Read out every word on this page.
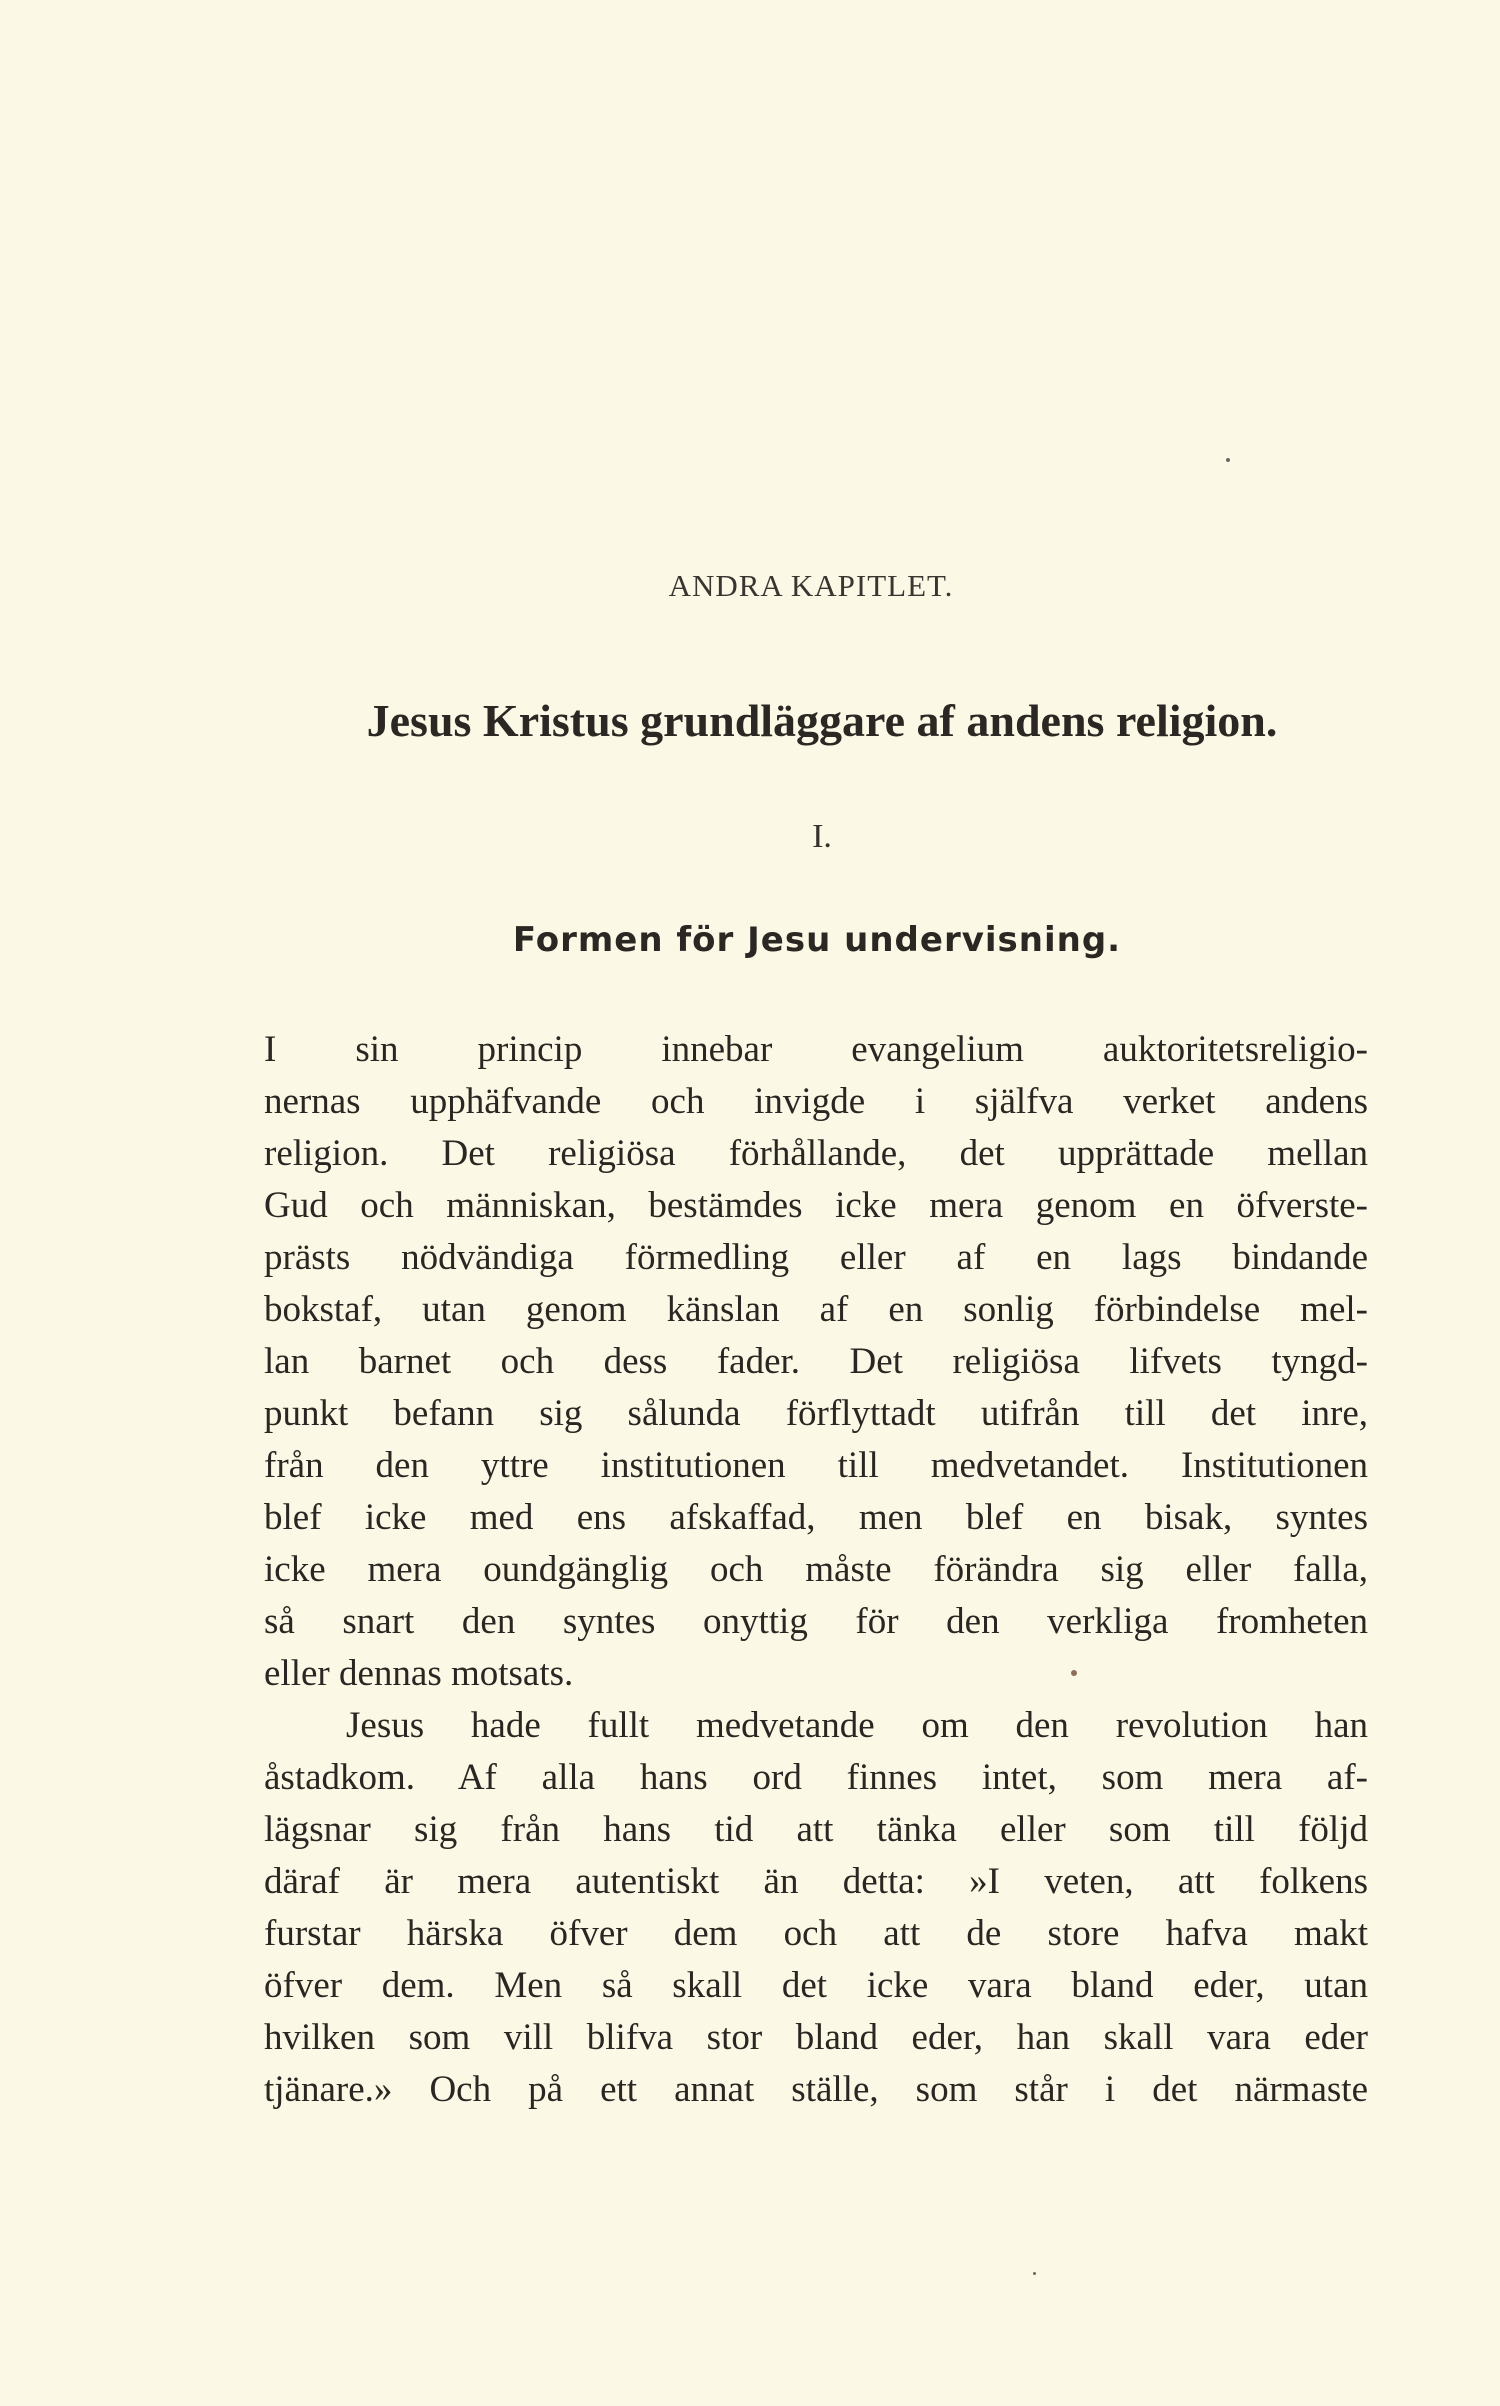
ANDRA KAPITLET.
Jesus Kristus grundläggare af andens religion.
I.
Formen för Jesu undervisning.
I sin princip innebar evangelium auktoritetsreligio-
nernas upphäfvande och invigde i själfva verket andens
religion. Det religiösa förhållande, det upprättade mellan
Gud och människan, bestämdes icke mera genom en öfverste-
prästs nödvändiga förmedling eller af en lags bindande
bokstaf, utan genom känslan af en sonlig förbindelse mel-
lan barnet och dess fader. Det religiösa lifvets tyngd-
punkt befann sig sålunda förflyttadt utifrån till det inre,
från den yttre institutionen till medvetandet. Institutionen
blef icke med ens afskaffad, men blef en bisak, syntes
icke mera oundgänglig och måste förändra sig eller falla,
så snart den syntes onyttig för den verkliga fromheten
eller dennas motsats.
Jesus hade fullt medvetande om den revolution han
åstadkom. Af alla hans ord finnes intet, som mera af-
lägsnar sig från hans tid att tänka eller som till följd
däraf är mera autentiskt än detta: »I veten, att folkens
furstar härska öfver dem och att de store hafva makt
öfver dem. Men så skall det icke vara bland eder, utan
hvilken som vill blifva stor bland eder, han skall vara eder
tjänare.» Och på ett annat ställe, som står i det närmaste
